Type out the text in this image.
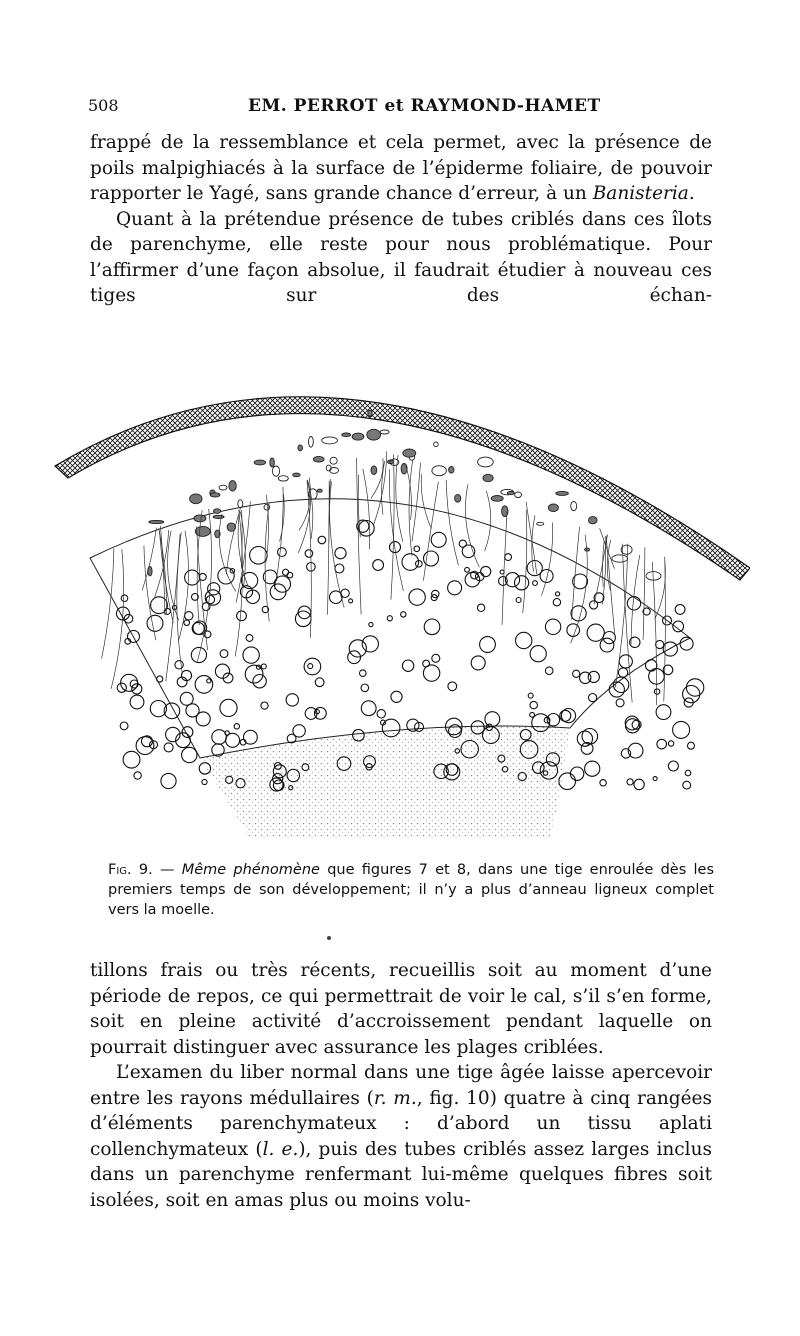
508	EM. PERROT et RAYMOND-HAMET

frappé de la ressemblance et cela permet, avec la présence de poils malpighiacés à la surface de l’épiderme foliaire, de pouvoir rapporter le Yagé, sans grande chance d’erreur, à un Banisteria.

Quant à la prétendue présence de tubes criblés dans ces îlots de parenchyme, elle reste pour nous problématique. Pour l’affirmer d’une façon absolue, il faudrait étudier à nouveau ces tiges sur des échan-

Fig. 9. — Même phénomène que figures 7 et 8, dans une tige enroulée dès les premiers temps de son développement; il n’y a plus d’anneau ligneux complet vers la moelle.

tillons frais ou très récents, recueillis soit au moment d’une période de repos, ce qui permettrait de voir le cal, s’il s’en forme, soit en pleine activité d’accroissement pendant laquelle on pourrait distinguer avec assurance les plages criblées.

L’examen du liber normal dans une tige âgée laisse apercevoir entre les rayons médullaires (r. m., fig. 10) quatre à cinq rangées d’éléments parenchymateux : d’abord un tissu aplati collenchymateux (l. e.), puis des tubes criblés assez larges inclus dans un parenchyme renfermant lui-même quelques fibres soit isolées, soit en amas plus ou moins volu-
